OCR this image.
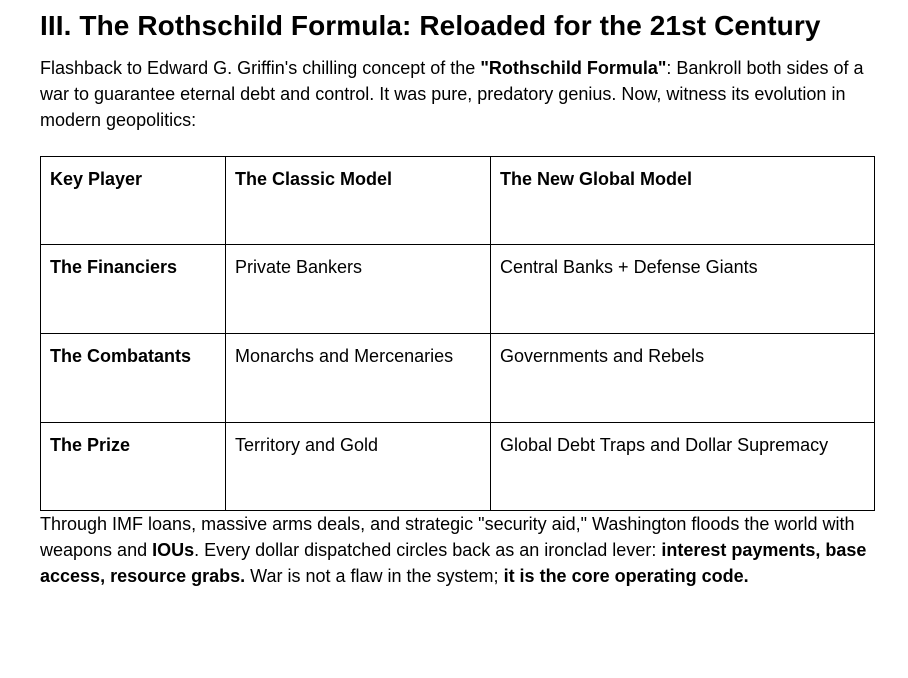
III. The Rothschild Formula: Reloaded for the 21st Century

Flashback to Edward G. Griffin's chilling concept of the "Rothschild Formula": Bankroll both sides of a war to guarantee eternal debt and control. It was pure, predatory genius. Now, witness its evolution in modern geopolitics:

Key Player	The Classic Model	The New Global Model
The Financiers	Private Bankers	Central Banks + Defense Giants
The Combatants	Monarchs and Mercenaries	Governments and Rebels
The Prize	Territory and Gold	Global Debt Traps and Dollar Supremacy

Through IMF loans, massive arms deals, and strategic "security aid," Washington floods the world with weapons and IOUs. Every dollar dispatched circles back as an ironclad lever: interest payments, base access, resource grabs. War is not a flaw in the system; it is the core operating code.
